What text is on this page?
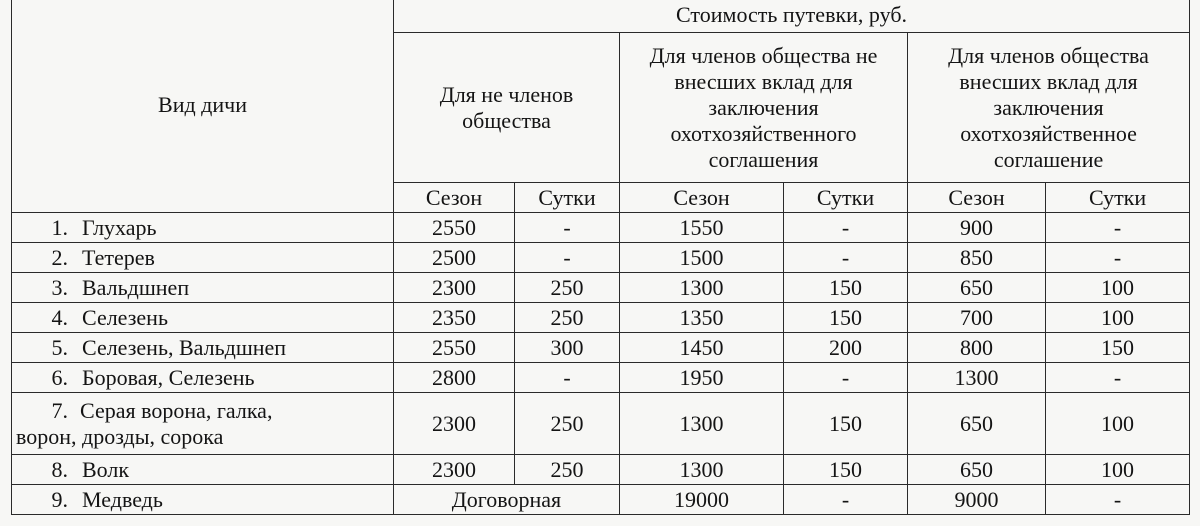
Вид дичи	Стоимость путевки, руб.					
	Для не членов общества		Для членов общества не внесших вклад для заключения охотхозяйственного соглашения		Для членов общества внесших вклад для заключения охотхозяйственное соглашение	
	Сезон	Сутки	Сезон	Сутки	Сезон	Сутки
1. Глухарь	2550	-	1550	-	900	-
2. Тетерев	2500	-	1500	-	850	-
3. Вальдшнеп	2300	250	1300	150	650	100
4. Селезень	2350	250	1350	150	700	100
5. Селезень, Вальдшнеп	2550	300	1450	200	800	150
6. Боровая, Селезень	2800	-	1950	-	1300	-

7. Серая ворона, галка,
ворон, дрозды, сорока	2300	250	1300	150	650	100
8. Волк	2300	250	1300	150	650	100
9. Медведь	Договорная		19000	-	9000	-
